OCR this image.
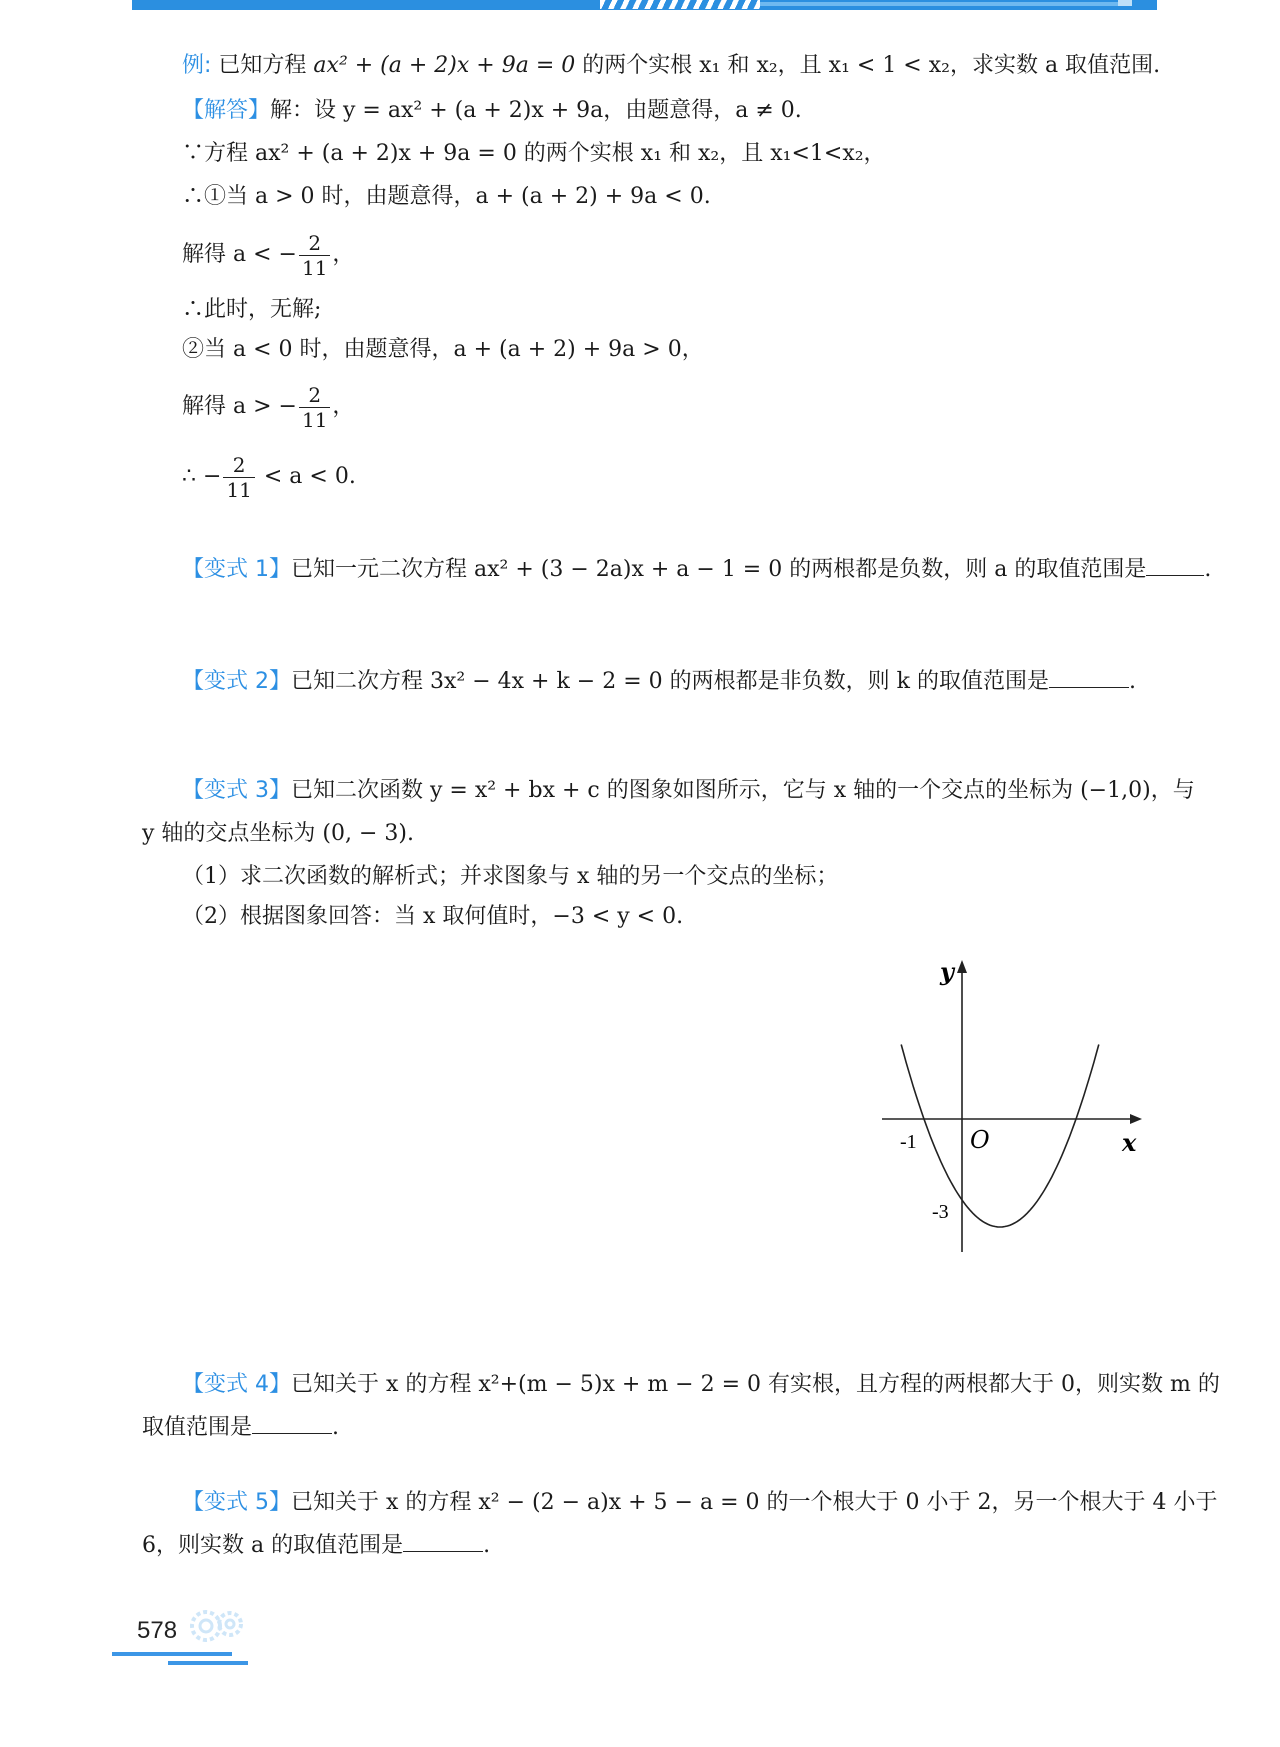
例: 已知方程 ax² + (a + 2)x + 9a = 0 的两个实根 x₁ 和 x₂，且 x₁ < 1 < x₂，求实数 a 取值范围.
【解答】解：设 y = ax² + (a + 2)x + 9a，由题意得，a ≠ 0.
∵方程 ax² + (a + 2)x + 9a = 0 的两个实根 x₁ 和 x₂，且 x₁<1<x₂，
∴①当 a > 0 时，由题意得，a + (a + 2) + 9a < 0.
解得 a < − $\frac{2}{11}$ ，
∴此时，无解;
②当 a < 0 时，由题意得，a + (a + 2) + 9a > 0，
解得 a > − $\frac{2}{11}$ ，
∴ − $\frac{2}{11} < a < 0$.
【变式 1】已知一元二次方程 ax² + (3 − 2a)x + a − 1 = 0 的两根都是负数，则 a 的取值范围是	.
【变式 2】已知二次方程 3x² − 4x + k − 2 = 0 的两根都是非负数，则 k 的取值范围是	.
【变式 3】已知二次函数 y = x² + bx + c 的图象如图所示，它与 x 轴的一个交点的坐标为 (−1,0)，与
y 轴的交点坐标为 (0, − 3).
（1）求二次函数的解析式；并求图象与 x 轴的另一个交点的坐标；
（2）根据图象回答：当 x 取何值时，−3 < y < 0.
y
x
O
-1
-3
【变式 4】已知关于 x 的方程 x²+(m − 5)x + m − 2 = 0 有实根，且方程的两根都大于 0，则实数 m 的
取值范围是	.
【变式 5】已知关于 x 的方程 x² − (2 − a)x + 5 − a = 0 的一个根大于 0 小于 2，另一个根大于 4 小于
6，则实数 a 的取值范围是	.
578
